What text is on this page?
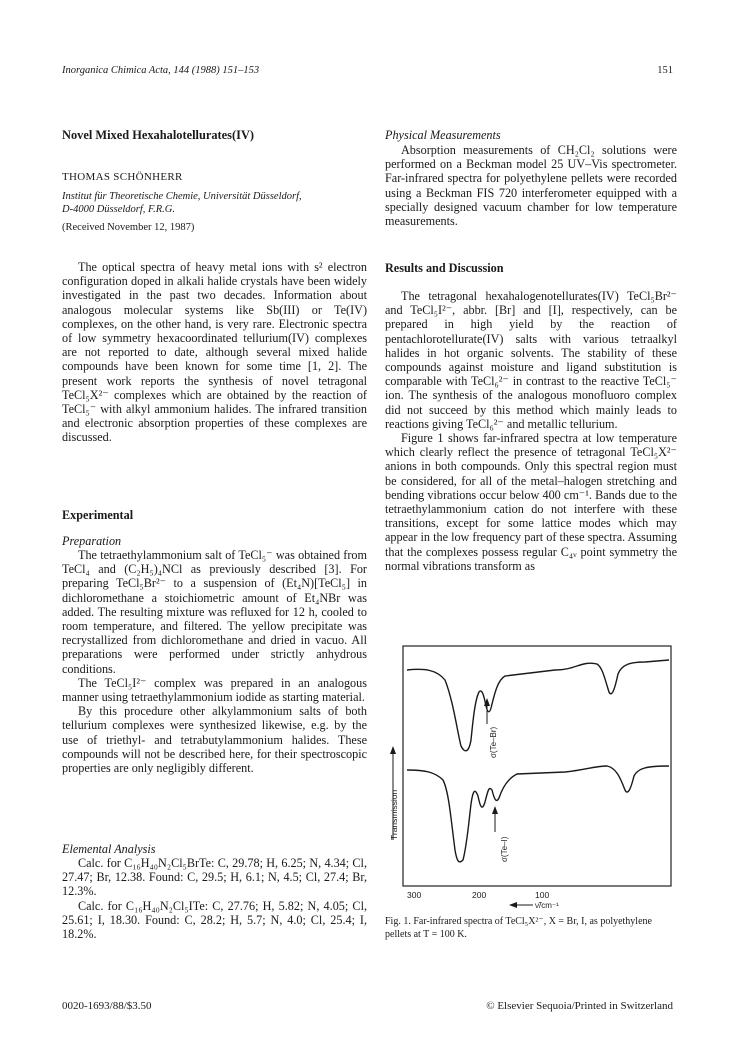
Inorganica Chimica Acta, 144 (1988) 151–153	151
Novel Mixed Hexahalotellurates(IV)
THOMAS SCHÖNHERR
Institut für Theoretische Chemie, Universität Düsseldorf,
D-4000 Düsseldorf, F.R.G.
(Received November 12, 1987)

The optical spectra of heavy metal ions with s² electron configuration doped in alkali halide crystals have been widely investigated in the past two decades. Information about analogous molecular systems like Sb(III) or Te(IV) complexes, on the other hand, is very rare. Electronic spectra of low symmetry hexacoordinated tellurium(IV) complexes are not reported to date, although several mixed halide compounds have been known for some time [1, 2]. The present work reports the synthesis of novel tetragonal TeCl₅X²⁻ complexes which are obtained by the reaction of TeCl₅⁻ with alkyl ammonium halides. The infrared transition and electronic absorption properties of these complexes are discussed.

Experimental
Preparation

The tetraethylammonium salt of TeCl₅⁻ was obtained from TeCl₄ and (C₂H₅)₄NCl as previously described [3]. For preparing TeCl₅Br²⁻ to a suspension of (Et₄N)[TeCl₅] in dichloromethane a stoichiometric amount of Et₄NBr was added. The resulting mixture was refluxed for 12 h, cooled to room temperature, and filtered. The yellow precipitate was recrystallized from dichloromethane and dried in vacuo. All preparations were performed under strictly anhydrous conditions.

The TeCl₅I²⁻ complex was prepared in an analogous manner using tetraethylammonium iodide as starting material.

By this procedure other alkylammonium salts of both tellurium complexes were synthesized likewise, e.g. by the use of triethyl- and tetrabutylammonium halides. These compounds will not be described here, for their spectroscopic properties are only negligibly different.

Elemental Analysis

Calc. for C₁₆H₄₀N₂Cl₅BrTe: C, 29.78; H, 6.25; N, 4.34; Cl, 27.47; Br, 12.38. Found: C, 29.5; H, 6.1; N, 4.5; Cl, 27.4; Br, 12.3%.

Calc. for C₁₆H₄₀N₂Cl₅ITe: C, 27.76; H, 5.82; N, 4.05; Cl, 25.61; I, 18.30. Found: C, 28.2; H, 5.7; N, 4.0; Cl, 25.4; I, 18.2%.

Physical Measurements

Absorption measurements of CH₂Cl₂ solutions were performed on a Beckman model 25 UV–Vis spectrometer. Far-infrared spectra for polyethylene pellets were recorded using a Beckman FIS 720 interferometer equipped with a specially designed vacuum chamber for low temperature measurements.

Results and Discussion

The tetragonal hexahalogenotellurates(IV) TeCl₅Br²⁻ and TeCl₅I²⁻, abbr. [Br] and [I], respectively, can be prepared in high yield by the reaction of pentachlorotellurate(IV) salts with various tetraalkyl halides in hot organic solvents. The stability of these compounds against moisture and ligand substitution is comparable with TeCl₆²⁻ in contrast to the reactive TeCl₅⁻ ion. The synthesis of the analogous monofluoro complex did not succeed by this method which mainly leads to reactions giving TeCl₆²⁻ and metallic tellurium.

Figure 1 shows far-infrared spectra at low temperature which clearly reflect the presence of tetragonal TeCl₅X²⁻ anions in both compounds. Only this spectral region must be considered, for all of the metal–halogen stretching and bending vibrations occur below 400 cm⁻¹. Bands due to the tetraethylammonium cation do not interfere with these transitions, except for some lattice modes which may appear in the low frequency part of these spectra. Assuming that the complexes possess regular C₄ᵥ point symmetry the normal vibrations transform as

σ(Te–Br)
σ(Te–I)
Transmission
300	200	100
ν̃/cm⁻¹
Fig. 1. Far-infrared spectra of TeCl₅X²⁻, X = Br, I, as polyethylene pellets at T = 100 K.
0020-1693/88/$3.50	© Elsevier Sequoia/Printed in Switzerland
